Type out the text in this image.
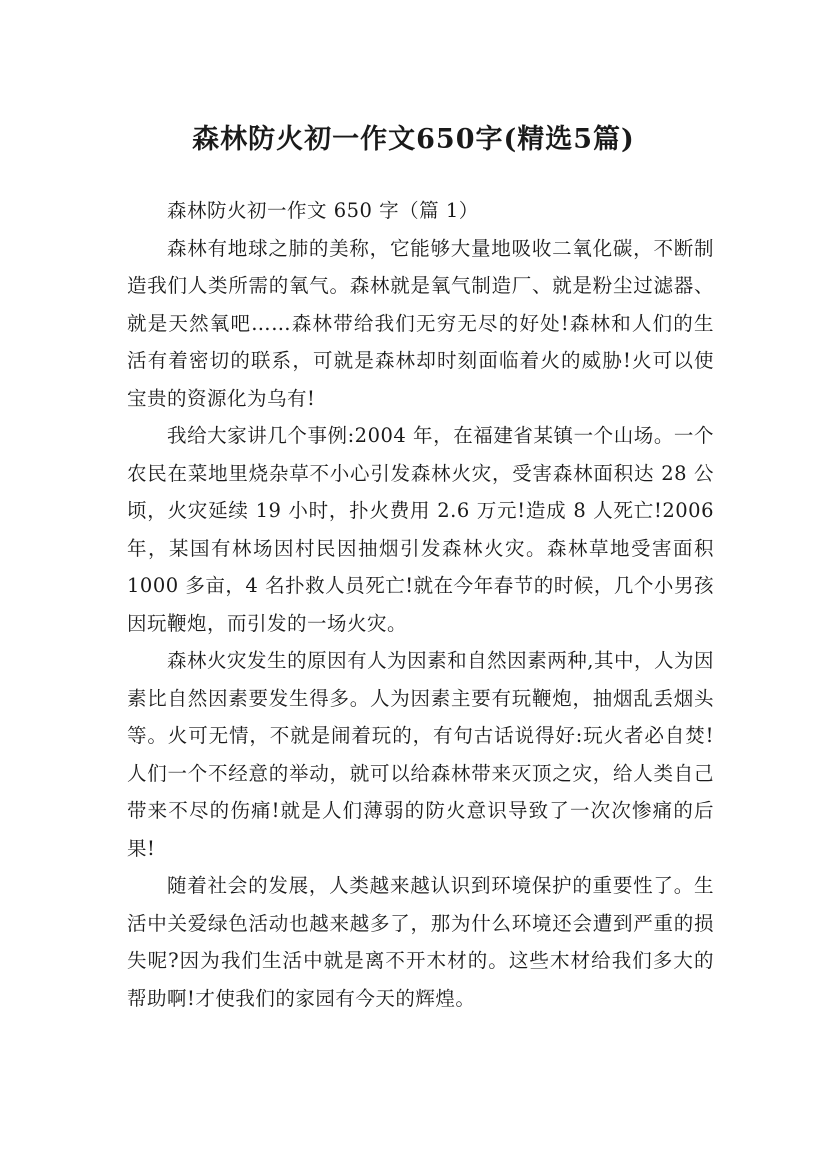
森林防火初一作文650字(精选5篇)

森林防火初一作文 650 字（篇 1）

森林有地球之肺的美称，它能够大量地吸收二氧化碳，不断制造我们人类所需的氧气。森林就是氧气制造厂、就是粉尘过滤器、就是天然氧吧……森林带给我们无穷无尽的好处!森林和人们的生活有着密切的联系，可就是森林却时刻面临着火的威胁!火可以使宝贵的资源化为乌有!

我给大家讲几个事例:2004 年，在福建省某镇一个山场。一个农民在菜地里烧杂草不小心引发森林火灾，受害森林面积达 28 公顷，火灾延续 19 小时，扑火费用 2.6 万元!造成 8 人死亡!2006 年，某国有林场因村民因抽烟引发森林火灾。森林草地受害面积 1000 多亩，4 名扑救人员死亡!就在今年春节的时候，几个小男孩因玩鞭炮，而引发的一场火灾。

森林火灾发生的原因有人为因素和自然因素两种,其中，人为因素比自然因素要发生得多。人为因素主要有玩鞭炮，抽烟乱丢烟头等。火可无情，不就是闹着玩的，有句古话说得好:玩火者必自焚!人们一个不经意的举动，就可以给森林带来灭顶之灾，给人类自己带来不尽的伤痛!就是人们薄弱的防火意识导致了一次次惨痛的后果!

随着社会的发展，人类越来越认识到环境保护的重要性了。生活中关爱绿色活动也越来越多了，那为什么环境还会遭到严重的损失呢?因为我们生活中就是离不开木材的。这些木材给我们多大的帮助啊!才使我们的家园有今天的辉煌。
